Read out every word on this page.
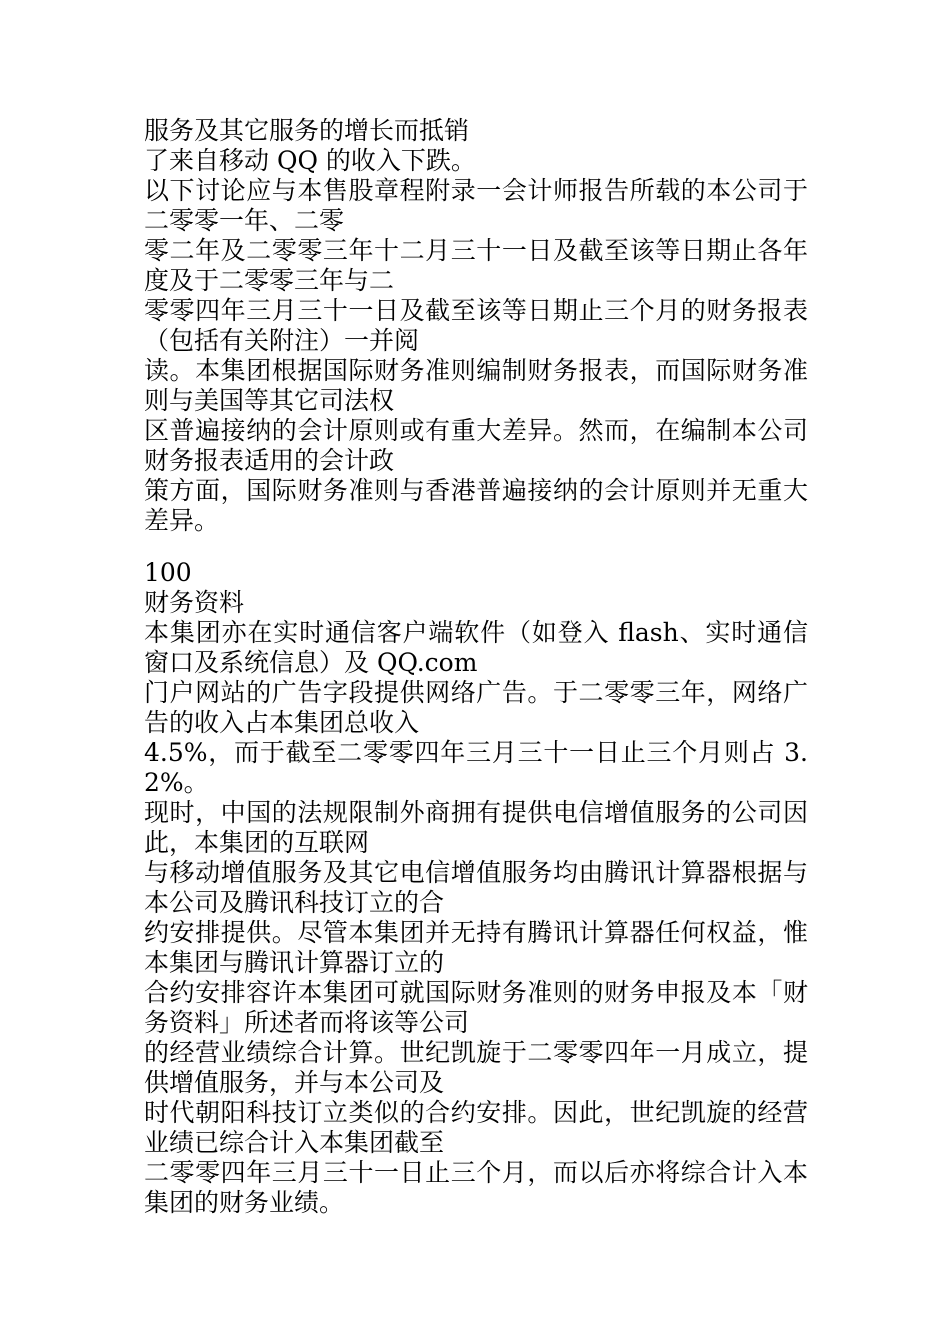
服务及其它服务的增长而抵销
了来自移动 QQ 的收入下跌。
以下讨论应与本售股章程附录一会计师报告所载的本公司于二零零一年、二零
零二年及二零零三年十二月三十一日及截至该等日期止各年度及于二零零三年与二
零零四年三月三十一日及截至该等日期止三个月的财务报表（包括有关附注）一并阅
读。本集团根据国际财务准则编制财务报表，而国际财务准则与美国等其它司法权
区普遍接纳的会计原则或有重大差异。然而，在编制本公司财务报表适用的会计政
策方面，国际财务准则与香港普遍接纳的会计原则并无重大差异。
100
财务资料
本集团亦在实时通信客户端软件（如登入 flash、实时通信窗口及系统信息）及 QQ.com
门户网站的广告字段提供网络广告。于二零零三年，网络广告的收入占本集团总收入
4.5%，而于截至二零零四年三月三十一日止三个月则占 3.2%。
现时，中国的法规限制外商拥有提供电信增值服务的公司因此，本集团的互联网
与移动增值服务及其它电信增值服务均由腾讯计算器根据与本公司及腾讯科技订立的合
约安排提供。尽管本集团并无持有腾讯计算器任何权益，惟本集团与腾讯计算器订立的
合约安排容许本集团可就国际财务准则的财务申报及本「财务资料」所述者而将该等公司
的经营业绩综合计算。世纪凯旋于二零零四年一月成立，提供增值服务，并与本公司及
时代朝阳科技订立类似的合约安排。因此，世纪凯旋的经营业绩已综合计入本集团截至
二零零四年三月三十一日止三个月，而以后亦将综合计入本集团的财务业绩。
